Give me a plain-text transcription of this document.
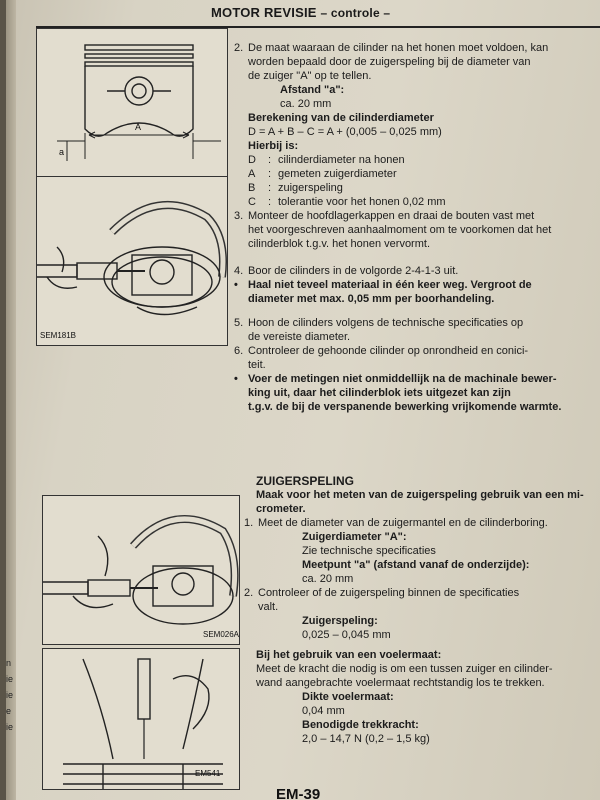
MOTOR REVISIE – controle –
A
a
SEM181B
SEM026A
EM541
2. De maat waaraan de cilinder na het honen moet voldoen, kan
worden bepaald door de zuigerspeling bij de diameter van
de zuiger "A" op te tellen.
Afstand "a":
ca. 20 mm
Berekening van de cilinderdiameter
D = A + B – C = A + (0,005 – 0,025 mm)
Hierbij is:
D : cilinderdiameter na honen
A : gemeten zuigerdiameter
B : zuigerspeling
C : tolerantie voor het honen 0,02 mm
3. Monteer de hoofdlagerkappen en draai de bouten vast met
het voorgeschreven aanhaalmoment om te voorkomen dat het
cilinderblok t.g.v. het honen vervormt.
4. Boor de cilinders in de volgorde 2-4-1-3 uit.
• Haal niet teveel materiaal in één keer weg. Vergroot de
diameter met max. 0,05 mm per boorhandeling.
5. Hoon de cilinders volgens de technische specificaties op
de vereiste diameter.
6. Controleer de gehoonde cilinder op onrondheid en conici-
teit.
• Voer de metingen niet onmiddellijk na de machinale bewer-
king uit, daar het cilinderblok iets uitgezet kan zijn
t.g.v. de bij de verspanende bewerking vrijkomende warmte.
ZUIGERSPELING
Maak voor het meten van de zuigerspeling gebruik van een mi-
crometer.
1. Meet de diameter van de zuigermantel en de cilinderboring.
Zuigerdiameter "A":
Zie technische specificaties
Meetpunt "a" (afstand vanaf de onderzijde):
ca. 20 mm
2. Controleer of de zuigerspeling binnen de specificaties
valt.
Zuigerspeling:
0,025 – 0,045 mm
Bij het gebruik van een voelermaat:
Meet de kracht die nodig is om een tussen zuiger en cilinder-
wand aangebrachte voelermaat rechtstandig los te trekken.
Dikte voelermaat:
0,04 mm
Benodigde trekkracht:
2,0 – 14,7 N (0,2 – 1,5 kg)
n
ie
ie
e
ie
EM-39
